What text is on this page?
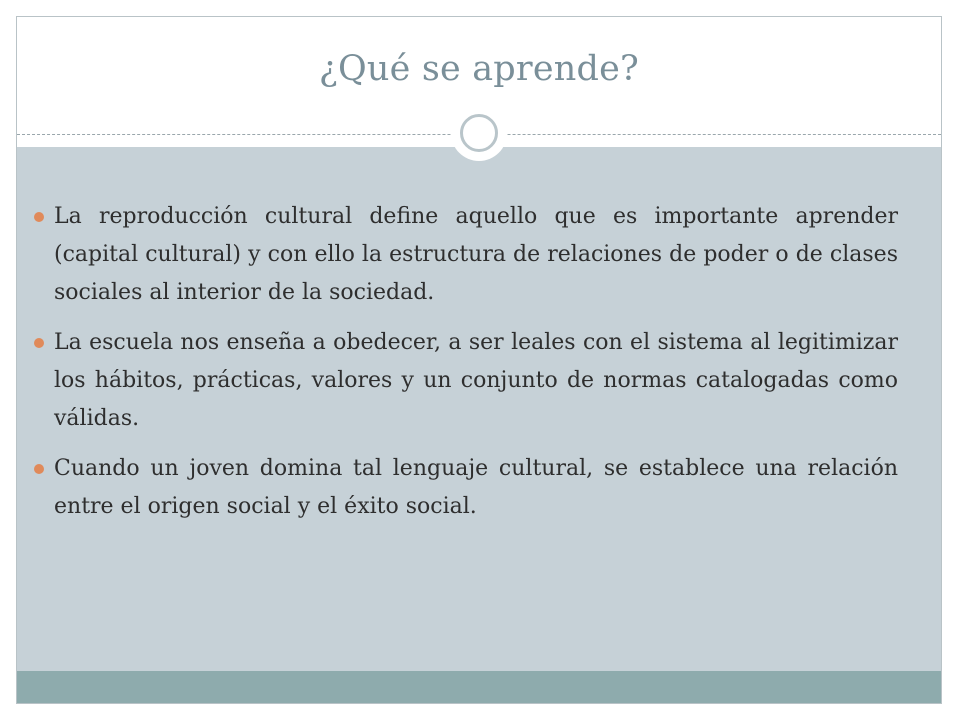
¿Qué se aprende?
La reproducción cultural define aquello que es importante aprender (capital cultural) y con ello la estructura de relaciones de poder o de clases sociales al interior de la sociedad.
La escuela nos enseña a obedecer, a ser leales con el sistema al legitimizar los hábitos, prácticas, valores y un conjunto de normas catalogadas como válidas.
Cuando un joven domina tal lenguaje cultural, se establece una relación entre el origen social y el éxito social.
